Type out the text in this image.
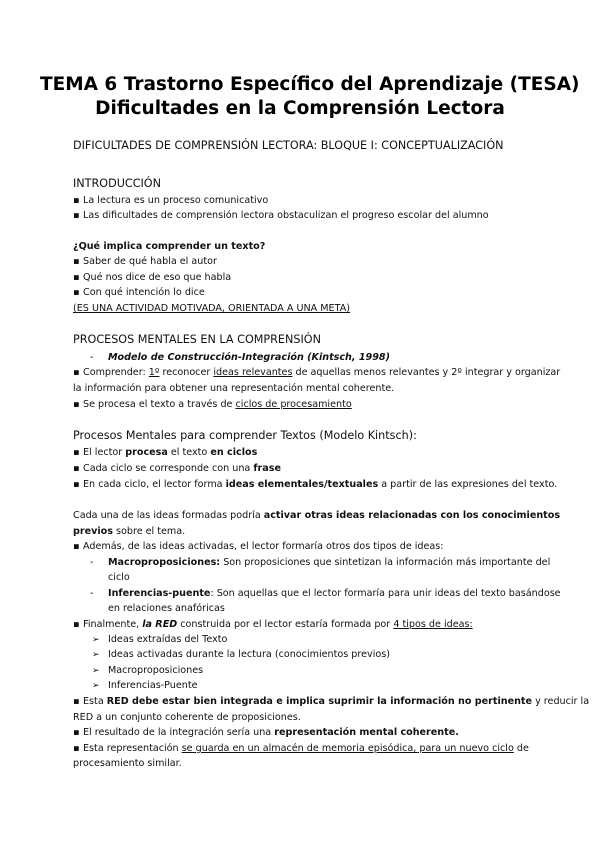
TEMA 6 Trastorno Específico del Aprendizaje (TESA)
Dificultades en la Comprensión Lectora
DIFICULTADES DE COMPRENSIÓN LECTORA: BLOQUE I: CONCEPTUALIZACIÓN
INTRODUCCIÓN
▪ La lectura es un proceso comunicativo
▪ Las dificultades de comprensión lectora obstaculizan el progreso escolar del alumno
¿Qué implica comprender un texto?
▪ Saber de qué habla el autor
▪ Qué nos dice de eso que habla
▪ Con qué intención lo dice
(ES UNA ACTIVIDAD MOTIVADA, ORIENTADA A UNA META)
PROCESOS MENTALES EN LA COMPRENSIÓN
- Modelo de Construcción-Integración (Kintsch, 1998)
▪ Comprender: 1º reconocer ideas relevantes de aquellas menos relevantes y 2º integrar y organizar
la información para obtener una representación mental coherente.
▪ Se procesa el texto a través de ciclos de procesamiento
Procesos Mentales para comprender Textos (Modelo Kintsch):
▪ El lector procesa el texto en ciclos
▪ Cada ciclo se corresponde con una frase
▪ En cada ciclo, el lector forma ideas elementales/textuales a partir de las expresiones del texto.
Cada una de las ideas formadas podría activar otras ideas relacionadas con los conocimientos
previos sobre el tema.
▪ Además, de las ideas activadas, el lector formaría otros dos tipos de ideas:
- Macroproposiciones: Son proposiciones que sintetizan la información más importante del
ciclo
- Inferencias-puente: Son aquellas que el lector formaría para unir ideas del texto basándose
en relaciones anafóricas
▪ Finalmente, la RED construida por el lector estaría formada por 4 tipos de ideas:
➢ Ideas extraídas del Texto
➢ Ideas activadas durante la lectura (conocimientos previos)
➢ Macroproposiciones
➢ Inferencias-Puente
▪ Esta RED debe estar bien integrada e implica suprimir la información no pertinente y reducir la
RED a un conjunto coherente de proposiciones.
▪ El resultado de la integración sería una representación mental coherente.
▪ Esta representación se guarda en un almacén de memoria episódica, para un nuevo ciclo de
procesamiento similar.
